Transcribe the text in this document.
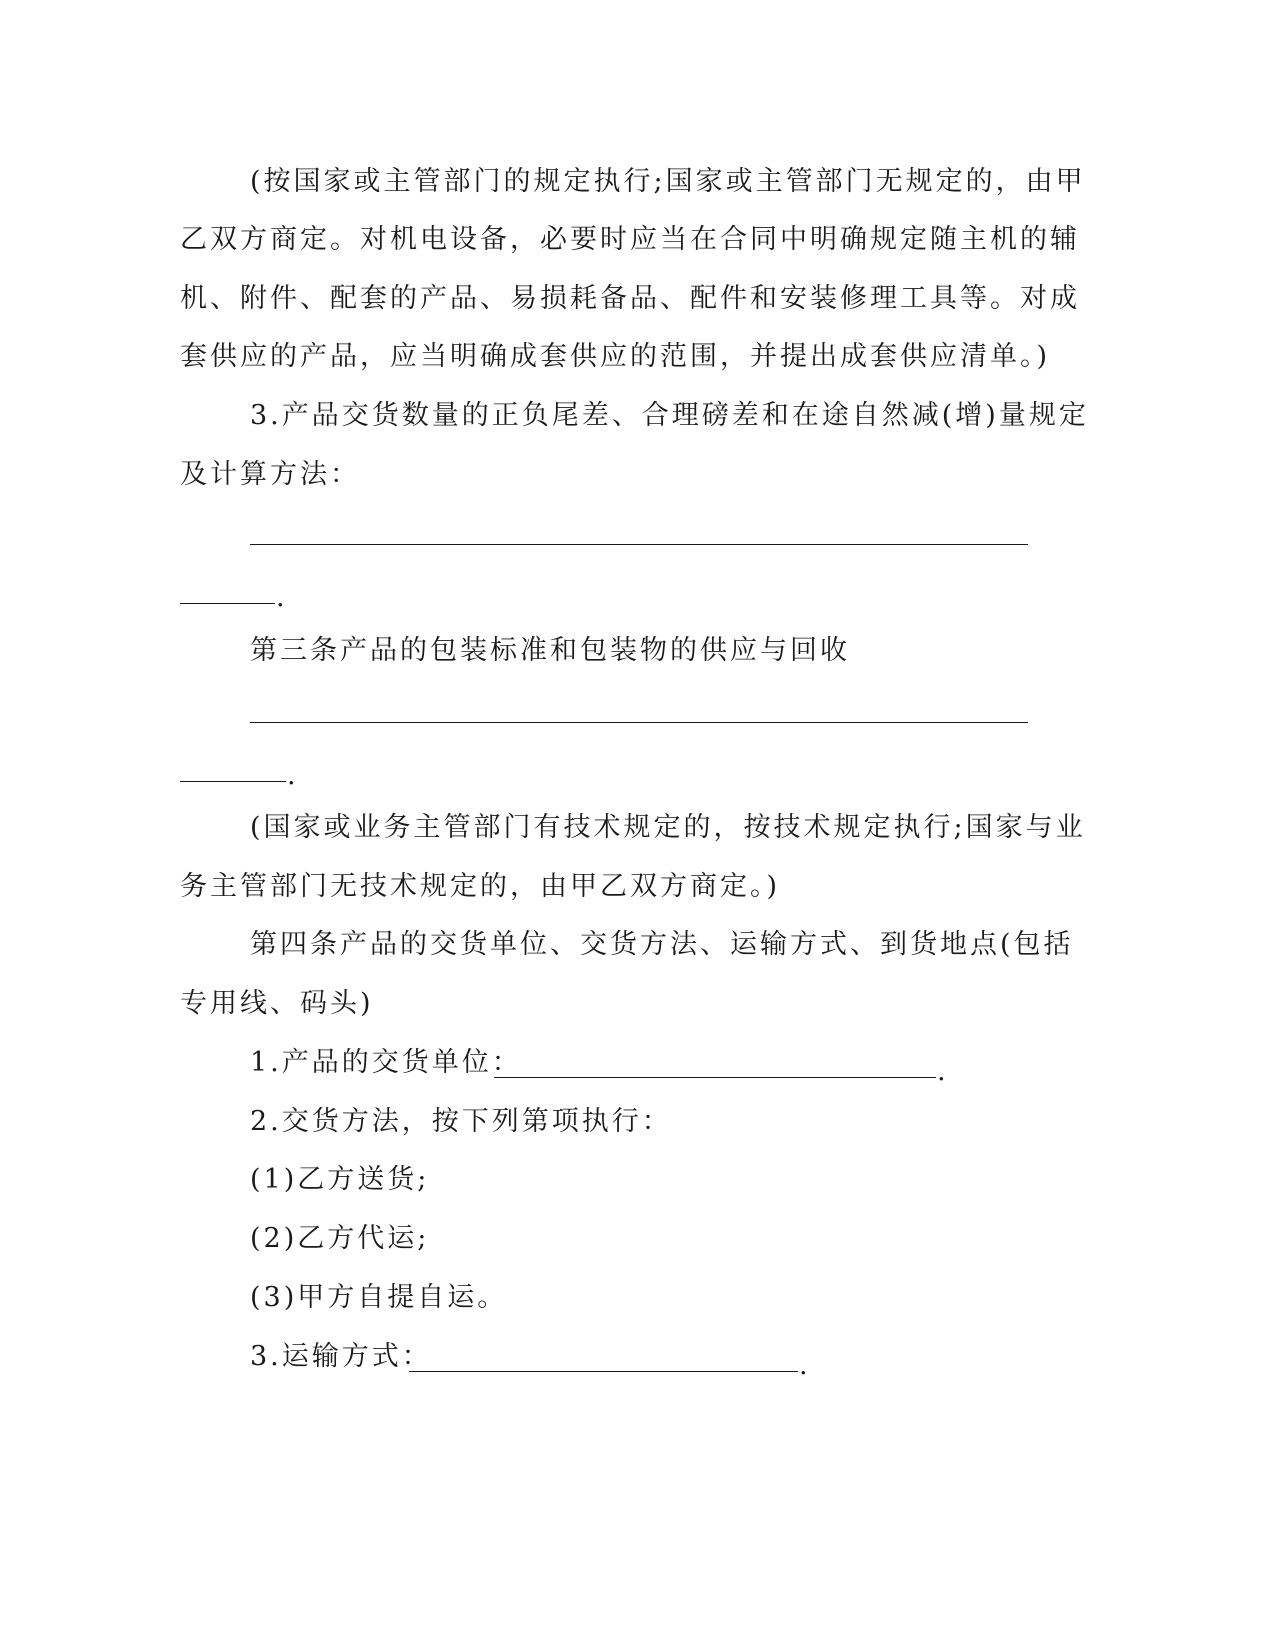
(按国家或主管部门的规定执行;国家或主管部门无规定的，由甲
乙双方商定。对机电设备，必要时应当在合同中明确规定随主机的辅
机、附件、配套的产品、易损耗备品、配件和安装修理工具等。对成
套供应的产品，应当明确成套供应的范围，并提出成套供应清单。)
3.产品交货数量的正负尾差、合理磅差和在途自然减(增)量规定
及计算方法：
.
第三条产品的包装标准和包装物的供应与回收
.
(国家或业务主管部门有技术规定的，按技术规定执行;国家与业
务主管部门无技术规定的，由甲乙双方商定。)
第四条产品的交货单位、交货方法、运输方式、到货地点(包括
专用线、码头)
1.产品的交货单位：	.
2.交货方法，按下列第项执行：
(1)乙方送货;
(2)乙方代运;
(3)甲方自提自运。
3.运输方式：	.
